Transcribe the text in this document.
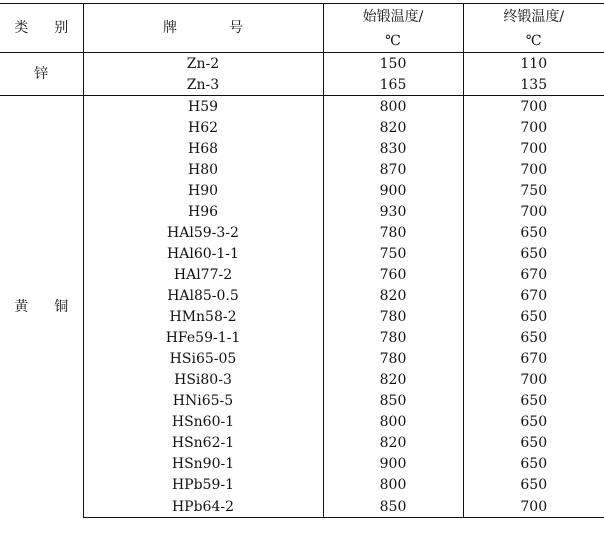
类 别	牌 号	始锻温度/	终锻温度/
		℃	℃
锌	Zn-2	150	110
	Zn-3	165	135
黄 铜	H59	800	700
	H62	820	700
	H68	830	700
	H80	870	700
	H90	900	750
	H96	930	700
	HAl59-3-2	780	650
	HAl60-1-1	750	650
	HAl77-2	760	670
	HAl85-0.5	820	670
	HMn58-2	780	650
	HFe59-1-1	780	650
	HSi65-05	780	670
	HSi80-3	820	700
	HNi65-5	850	650
	HSn60-1	800	650
	HSn62-1	820	650
	HSn90-1	900	650
	HPb59-1	800	650
	HPb64-2	850	700
